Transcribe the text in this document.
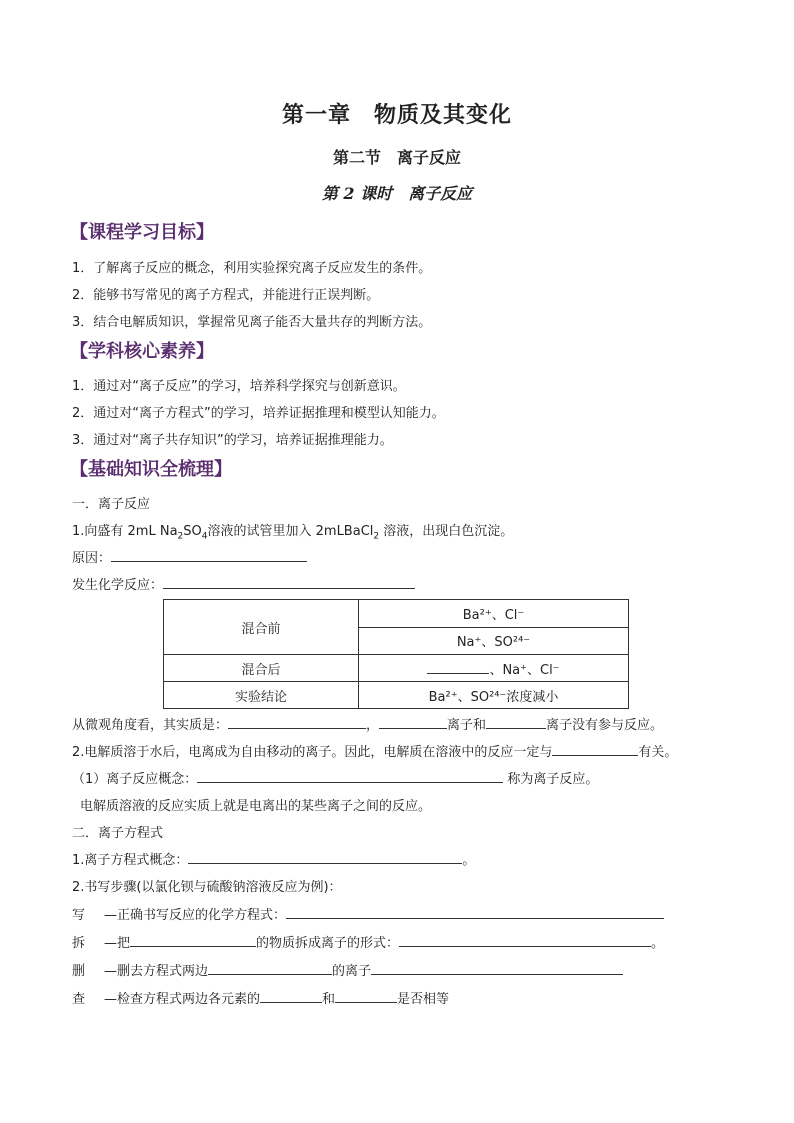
第一章　物质及其变化
第二节　离子反应
第 2 课时　离子反应
【课程学习目标】
1．了解离子反应的概念，利用实验探究离子反应发生的条件。
2．能够书写常见的离子方程式，并能进行正误判断。
3．结合电解质知识，掌握常见离子能否大量共存的判断方法。
【学科核心素养】
1．通过对“离子反应”的学习，培养科学探究与创新意识。
2．通过对“离子方程式”的学习，培养证据推理和模型认知能力。
3．通过对“离子共存知识”的学习，培养证据推理能力。
【基础知识全梳理】
一．离子反应
1.向盛有 2mL $Na_2SO_4$溶液的试管里加入 2mLBaCl$_2$ 溶液，出现白色沉淀。
原因：
发生化学反应：
混合前	Ba²⁺、Cl⁻
	Na⁺、SO²⁴⁻
混合后	、Na⁺、Cl⁻
实验结论	Ba²⁺、SO²⁴⁻浓度减小
从微观角度看，其实质是：	，	离子和	离子没有参与反应。
2.电解质溶于水后，电离成为自由移动的离子。因此，电解质在溶液中的反应一定与	有关。
（1）离子反应概念：	称为离子反应。
电解质溶液的反应实质上就是电离出的某些离子之间的反应。
二．离子方程式
1.离子方程式概念：	。
2.书写步骤(以氯化钡与硫酸钠溶液反应为例)：
写 —正确书写反应的化学方程式：
拆 —把	的物质拆成离子的形式：	。
删 —删去方程式两边	的离子
查 —检查方程式两边各元素的	和	是否相等
